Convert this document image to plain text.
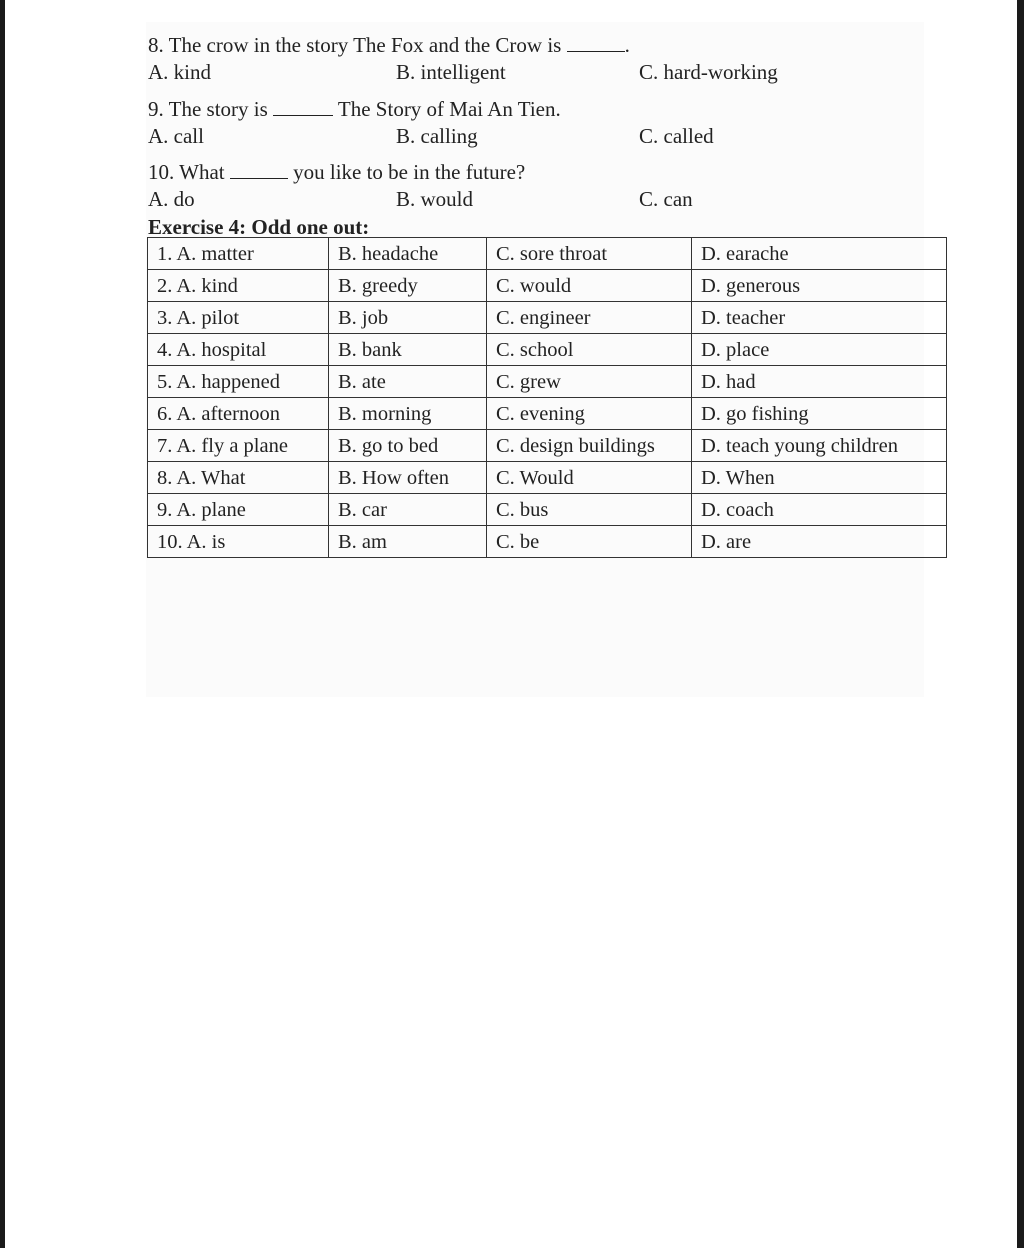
8. The crow in the story The Fox and the Crow is	.
A. kind	B. intelligent	C. hard-working
9. The story is	The Story of Mai An Tien.
A. call	B. calling	C. called
10. What	you like to be in the future?
A. do	B. would	C. can
Exercise 4: Odd one out:
1. A. matter	B. headache	C. sore throat	D. earache
2. A. kind	B. greedy	C. would	D. generous
3. A. pilot	B. job	C. engineer	D. teacher
4. A. hospital	B. bank	C. school	D. place
5. A. happened	B. ate	C. grew	D. had
6. A. afternoon	B. morning	C. evening	D. go fishing
7. A. fly a plane	B. go to bed	C. design buildings	D. teach young children
8. A. What	B. How often	C. Would	D. When
9. A. plane	B. car	C. bus	D. coach
10. A. is	B. am	C. be	D. are
